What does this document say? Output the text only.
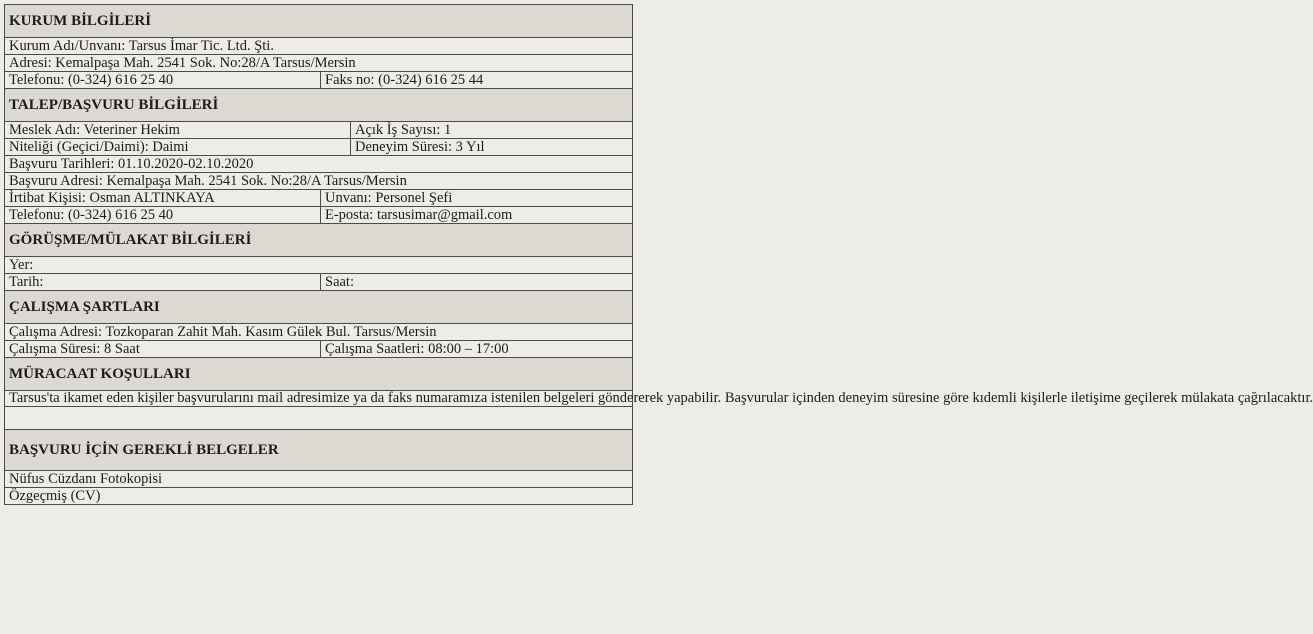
KURUM BİLGİLERİ		
Kurum Adı/Unvanı: Tarsus İmar Tic. Ltd. Şti.		
Adresi: Kemalpaşa Mah. 2541 Sok. No:28/A Tarsus/Mersin		
Telefonu: (0-324) 616 25 40	Faks no: (0-324) 616 25 44	
TALEP/BAŞVURU BİLGİLERİ		
Meslek Adı: Veteriner Hekim		Açık İş Sayısı: 1
Niteliği (Geçici/Daimi): Daimi		Deneyim Süresi: 3 Yıl
Başvuru Tarihleri: 01.10.2020-02.10.2020		
Başvuru Adresi: Kemalpaşa Mah. 2541 Sok. No:28/A Tarsus/Mersin		
İrtibat Kişisi: Osman ALTINKAYA	Unvanı: Personel Şefi	
Telefonu: (0-324) 616 25 40	E-posta: tarsusimar@gmail.com	
GÖRÜŞME/MÜLAKAT BİLGİLERİ		
Yer:		
Tarih:	Saat:	
ÇALIŞMA ŞARTLARI		
Çalışma Adresi: Tozkoparan Zahit Mah. Kasım Gülek Bul. Tarsus/Mersin		
Çalışma Süresi: 8 Saat	Çalışma Saatleri: 08:00 – 17:00	
MÜRACAAT KOŞULLARI		
Tarsus'ta ikamet eden kişiler başvurularını mail adresimize ya da faks numaramıza istenilen belgeleri göndererek yapabilir. Başvurular içinden deneyim süresine göre kıdemli kişilerle iletişime geçilerek mülakata çağrılacaktır.		

BAŞVURU İÇİN GEREKLİ BELGELER		
Nüfus Cüzdanı Fotokopisi		
Özgeçmiş (CV)		
